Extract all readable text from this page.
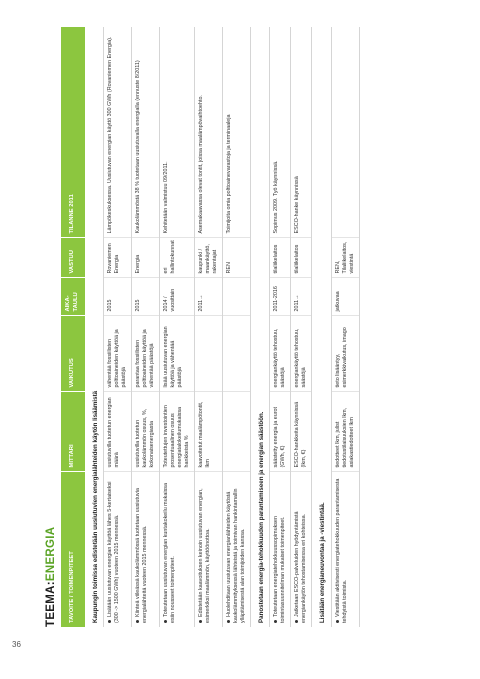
36
TEEMA:
ENERGIA TAVOITE / TOIMENPITEET	MITTARI	VAIKUTUS	AIKA-TAULU	VASTUU	TILANNE 2011
Kaupungin toimissa edistetään uusiutuvien energialähteiden käytön lisäämistä					
Lisätään uusiutuvan energian käyttöä lähes 5-kertaiseksi (300 -> 1500 GWh) vuoteen 2015 mennessä.	uusiutuvilla tuotetun energian määrä	vähentää fossiilisten polttoaineiden käyttöä ja päästöjä	2015	Rovaniemen Energia	Lämpökeskuksessa. Uusiutuvan energian käyttö 300 GWh (Rovaniemen Energia).
Kiinteä viileässä kaukolämmössä tuotetaan uusiutuvia energialähteitä vuoteen 2015 mennessä.	uusiutuvilla tuotetun kaukolämmön osuus, %, kokonaisenergiasta	parantaa fossiilisten polttoaineiden käyttöä ja vähentää päästöjä	2015	Energia	Kaukolämmöstä 38 % tuotetaan uusiutuvalla energialla (ennuste 8/2011)
Toteutetaan uusiutuvan energian kuntakokeilu mukaissa esiin nousseet toimenpiteet.	Toteutettujen investointien prosentuaalinen osuus energiatalokeilumukaissa hankkeista %	lisää uusiutuvan energian käyttöä ja vähentää päästöjä	2014 / vuosittain	eri hallintokunnat	Kehitetään valmistuu 09/2011.
Edistetään kaavoituksen keinoin uusiutuvan energian, esimerkiksi maalämmön, käyttöönottoa.	kaavoitetut maalämpötontit, lkm		2011→	kaupunki / maankäyttö, rakentajat	Asemakaavassa olevat tontit, joissa maalämpövaihtoehto.
Huolehditaan uusiutuvan energianlähteiden käytöstä kaukolämmityksessä lähteistä ja toimivan hankintamallin ylläpitämisestä alan toimijoiden kanssa.				REN	Toimijoita omia polttoainevarastoja ja terminaaleja
Panostetaan energia-tehokkuuden parantamiseen ja energian säästöön.					
Toteutetaan energiatehokkuussopimuksen toimintasuunnitelman mukaiset toimenpiteet.	säästetty energia ja eurot (GWh, €)	energiankäyttö tehostuu, säästöjä	2011-2016	tilaliikelaitos	Sopimus 2009. Työ käynnissä.
Jatketaan ESCO-palveluiden hyödyntämistä energiankäytön tehostamisessa eri kohteissa.	ESCO-hankkeita käynnissä (lkm, €)	energiankäyttö tehostuu, säästöjä	2011→	tilaliikelaitos	ESCO-hanke käynnissä
Lisätään energianeuvontaa ja -viestintää.					
Viestitään aktiivisesti energiatehokkuuden parantamisesta tehdyistä toimista.	tiedotteet lkm, julist tiedotustilaisuuksien lkm, asiakastiedotteet lkm	tieto lisääntyy, esimerkkivaikutus, imago	jatkuvaa	REN, Tilaliikelaitos, viestintä	
